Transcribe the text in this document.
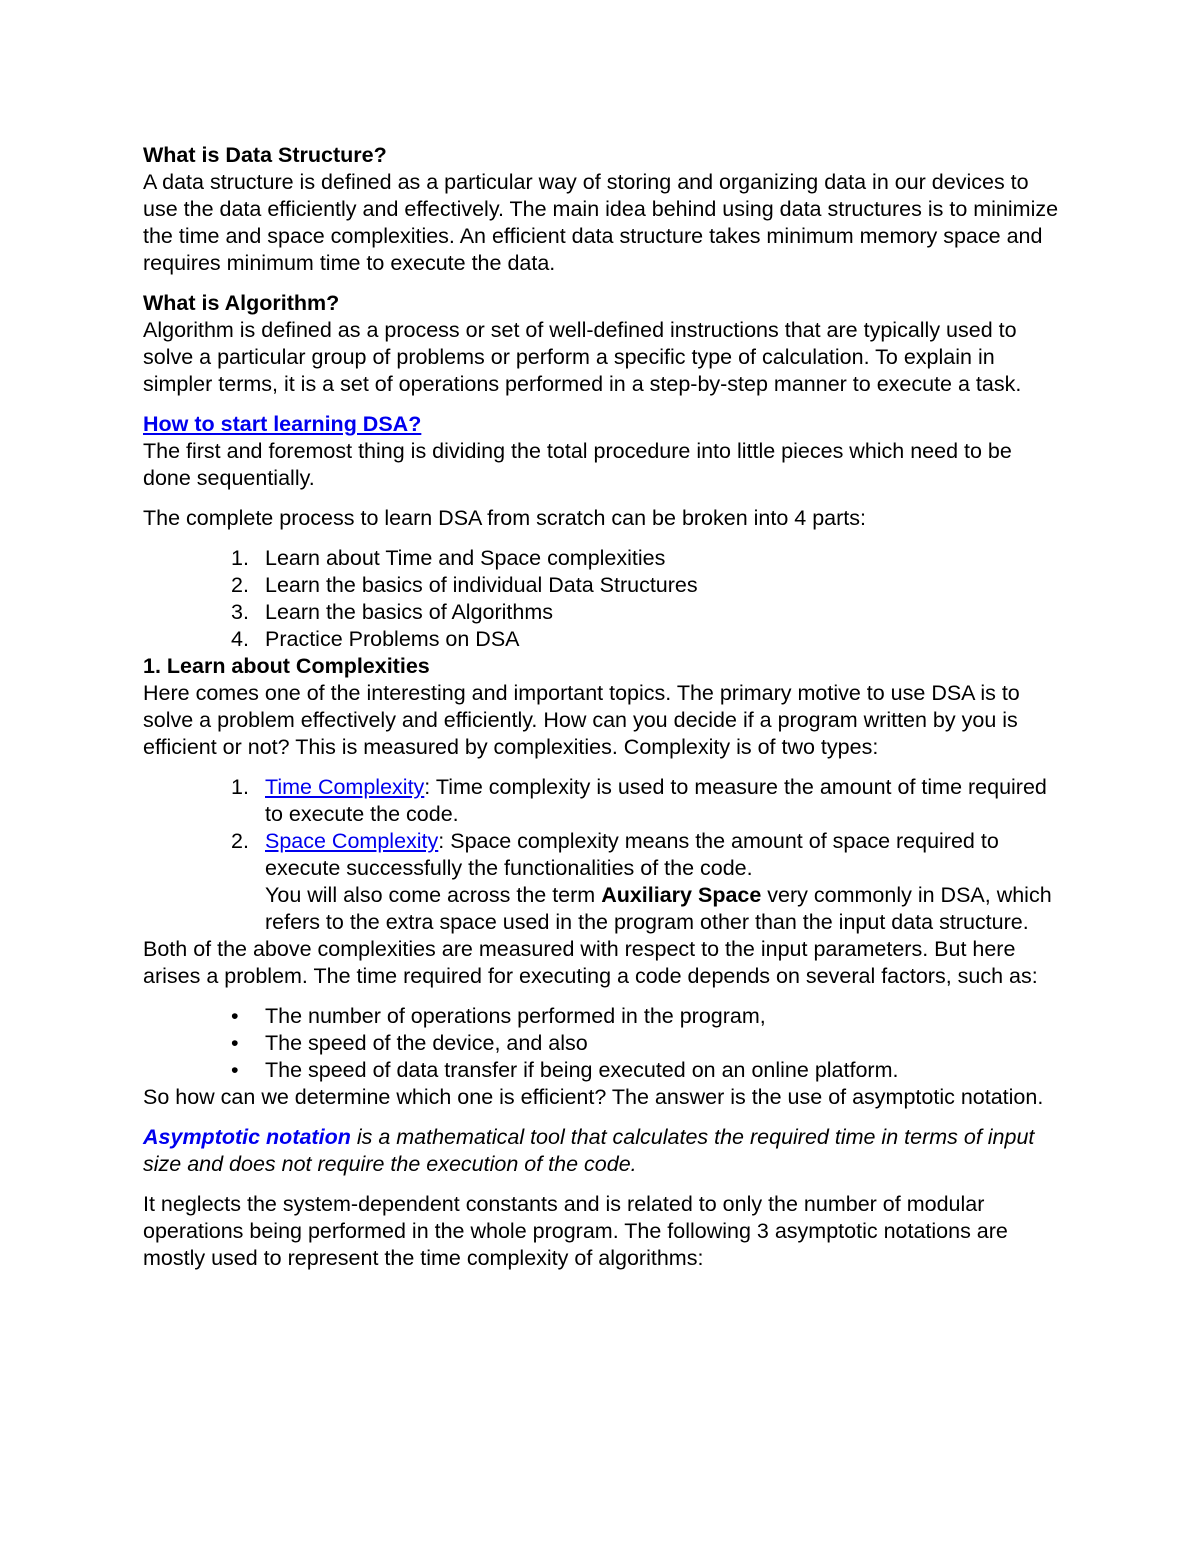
What is Data Structure?

A data structure is defined as a particular way of storing and organizing data in our devices to use the data efficiently and effectively. The main idea behind using data structures is to minimize the time and space complexities. An efficient data structure takes minimum memory space and requires minimum time to execute the data.

What is Algorithm?

Algorithm is defined as a process or set of well-defined instructions that are typically used to solve a particular group of problems or perform a specific type of calculation. To explain in simpler terms, it is a set of operations performed in a step-by-step manner to execute a task.

How to start learning DSA?

The first and foremost thing is dividing the total procedure into little pieces which need to be done sequentially.

The complete process to learn DSA from scratch can be broken into 4 parts:

1. Learn about Time and Space complexities
2. Learn the basics of individual Data Structures
3. Learn the basics of Algorithms
4. Practice Problems on DSA

1. Learn about Complexities

Here comes one of the interesting and important topics. The primary motive to use DSA is to solve a problem effectively and efficiently. How can you decide if a program written by you is efficient or not? This is measured by complexities. Complexity is of two types:

1. Time Complexity: Time complexity is used to measure the amount of time required to execute the code.
2. Space Complexity: Space complexity means the amount of space required to execute successfully the functionalities of the code.
You will also come across the term Auxiliary Space very commonly in DSA, which refers to the extra space used in the program other than the input data structure.

Both of the above complexities are measured with respect to the input parameters. But here arises a problem. The time required for executing a code depends on several factors, such as:

• The number of operations performed in the program,
• The speed of the device, and also
• The speed of data transfer if being executed on an online platform.

So how can we determine which one is efficient? The answer is the use of asymptotic notation.

Asymptotic notation is a mathematical tool that calculates the required time in terms of input size and does not require the execution of the code.

It neglects the system-dependent constants and is related to only the number of modular operations being performed in the whole program. The following 3 asymptotic notations are mostly used to represent the time complexity of algorithms:
